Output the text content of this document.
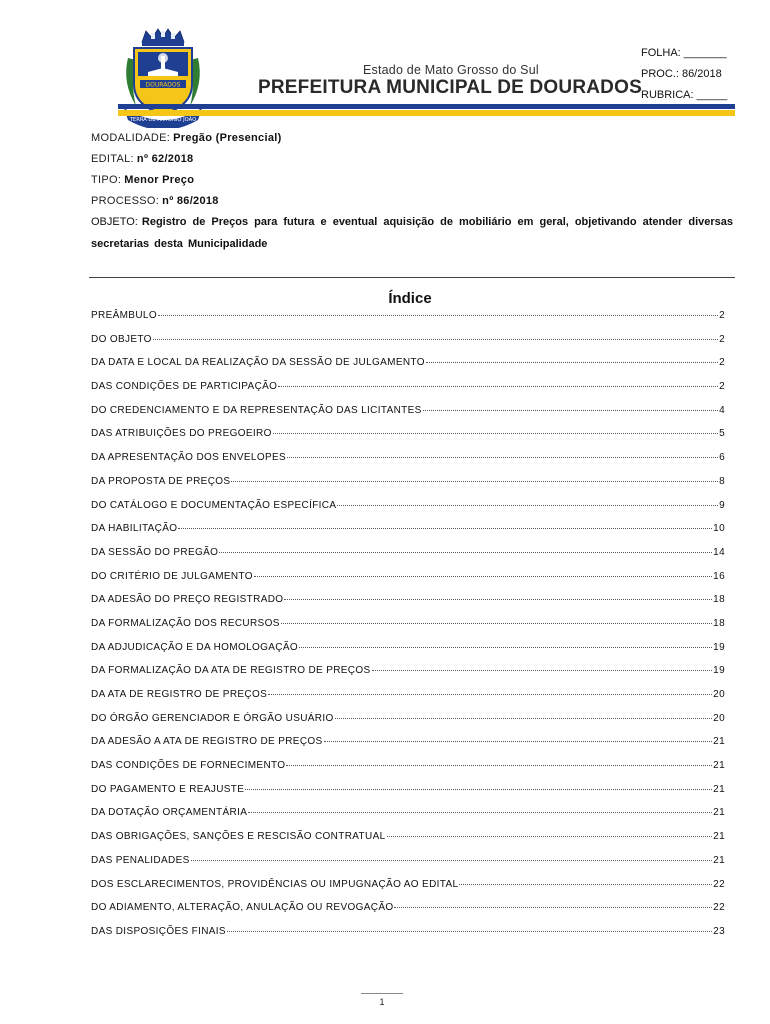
DOURADOS
TERRA DE ANTONIO JOÃO
FOLHA: _______
PROC.: 86/2018
RUBRICA: _____
Estado de Mato Grosso do Sul
PREFEITURA MUNICIPAL DE DOURADOS
MODALIDADE: Pregão (Presencial)
EDITAL: nº 62/2018
TIPO: Menor Preço
PROCESSO: nº 86/2018
OBJETO: Registro de Preços para futura e eventual aquisição de mobiliário em geral, objetivando atender diversas secretarias desta Municipalidade
Índice
PREÂMBULO	2
DO OBJETO	2
DA DATA E LOCAL DA REALIZAÇÃO DA SESSÃO DE JULGAMENTO	2
DAS CONDIÇÕES DE PARTICIPAÇÃO	2
DO CREDENCIAMENTO E DA REPRESENTAÇÃO DAS LICITANTES	4
DAS ATRIBUIÇÕES DO PREGOEIRO	5
DA APRESENTAÇÃO DOS ENVELOPES	6
DA PROPOSTA DE PREÇOS	8
DO CATÁLOGO E DOCUMENTAÇÃO ESPECÍFICA	9
DA HABILITAÇÃO	10
DA SESSÃO DO PREGÃO	14
DO CRITÉRIO DE JULGAMENTO	16
DA ADESÃO DO PREÇO REGISTRADO	18
DA FORMALIZAÇÃO DOS RECURSOS	18
DA ADJUDICAÇÃO E DA HOMOLOGAÇÃO	19
DA FORMALIZAÇÃO DA ATA DE REGISTRO DE PREÇOS	19
DA ATA DE REGISTRO DE PREÇOS	20
DO ÓRGÃO GERENCIADOR E ÓRGÃO USUÁRIO	20
DA ADESÃO A ATA DE REGISTRO DE PREÇOS	21
DAS CONDIÇÕES DE FORNECIMENTO	21
DO PAGAMENTO E REAJUSTE	21
DA DOTAÇÃO ORÇAMENTÁRIA	21
DAS OBRIGAÇÕES, SANÇÕES E RESCISÃO CONTRATUAL	21
DAS PENALIDADES	21
DOS ESCLARECIMENTOS, PROVIDÊNCIAS OU IMPUGNAÇÃO AO EDITAL	22
DO ADIAMENTO, ALTERAÇÃO, ANULAÇÃO OU REVOGAÇÃO	22
DAS DISPOSIÇÕES FINAIS	23
1
